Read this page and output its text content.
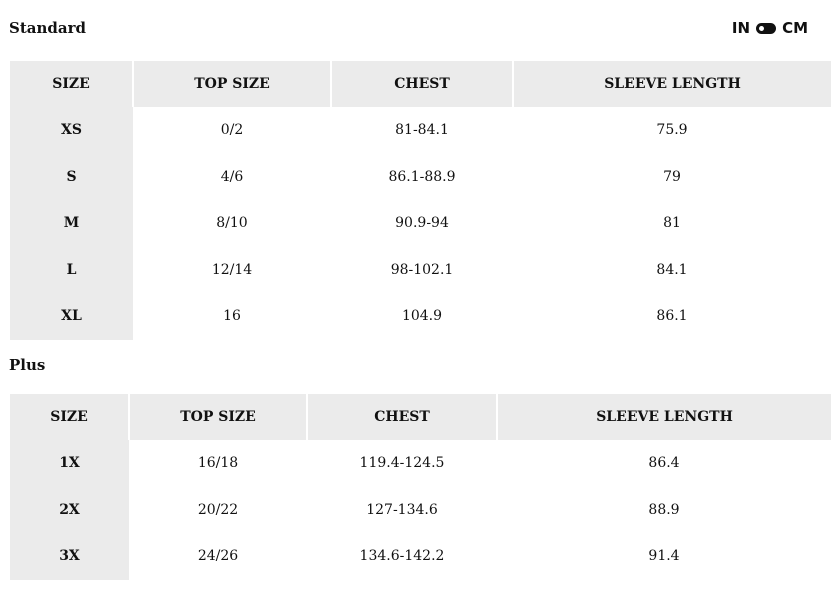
Standard	IN CM
SIZE	TOP SIZE	CHEST	SLEEVE LENGTH
XS	0/2	81-84.1	75.9
S	4/6	86.1-88.9	79
M	8/10	90.9-94	81
L	12/14	98-102.1	84.1
XL	16	104.9	86.1
Plus
SIZE	TOP SIZE	CHEST	SLEEVE LENGTH
1X	16/18	119.4-124.5	86.4
2X	20/22	127-134.6	88.9
3X	24/26	134.6-142.2	91.4
